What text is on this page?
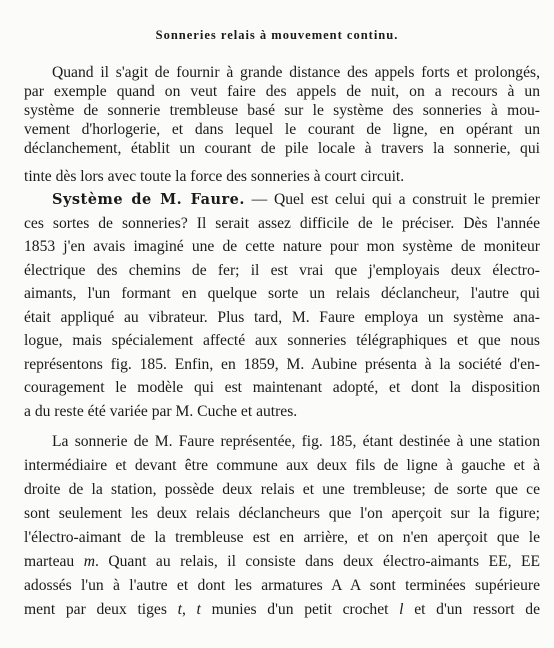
Sonneries relais à mouvement continu.
Quand il s'agit de fournir à grande distance des appels forts et prolongés,
par exemple quand on veut faire des appels de nuit, on a recours à un
système de sonnerie trembleuse basé sur le système des sonneries à mou-
vement d'horlogerie, et dans lequel le courant de ligne, en opérant un
déclanchement, établit un courant de pile locale à travers la sonnerie, qui
tinte dès lors avec toute la force des sonneries à court circuit.
Système de M. Faure. — Quel est celui qui a construit le premier
ces sortes de sonneries? Il serait assez difficile de le préciser. Dès l'année
1853 j'en avais imaginé une de cette nature pour mon système de moniteur
électrique des chemins de fer; il est vrai que j'employais deux électro-
aimants, l'un formant en quelque sorte un relais déclancheur, l'autre qui
était appliqué au vibrateur. Plus tard, M. Faure employa un système ana-
logue, mais spécialement affecté aux sonneries télégraphiques et que nous
représentons fig. 185. Enfin, en 1859, M. Aubine présenta à la société d'en-
couragement le modèle qui est maintenant adopté, et dont la disposition
a du reste été variée par M. Cuche et autres.
La sonnerie de M. Faure représentée, fig. 185, étant destinée à une station
intermédiaire et devant être commune aux deux fils de ligne à gauche et à
droite de la station, possède deux relais et une trembleuse; de sorte que ce
sont seulement les deux relais déclancheurs que l'on aperçoit sur la figure;
l'électro-aimant de la trembleuse est en arrière, et on n'en aperçoit que le
marteau m. Quant au relais, il consiste dans deux électro-aimants EE, EE
adossés l'un à l'autre et dont les armatures A A sont terminées supérieure
ment par deux tiges t, t munies d'un petit crochet l et d'un ressort de
